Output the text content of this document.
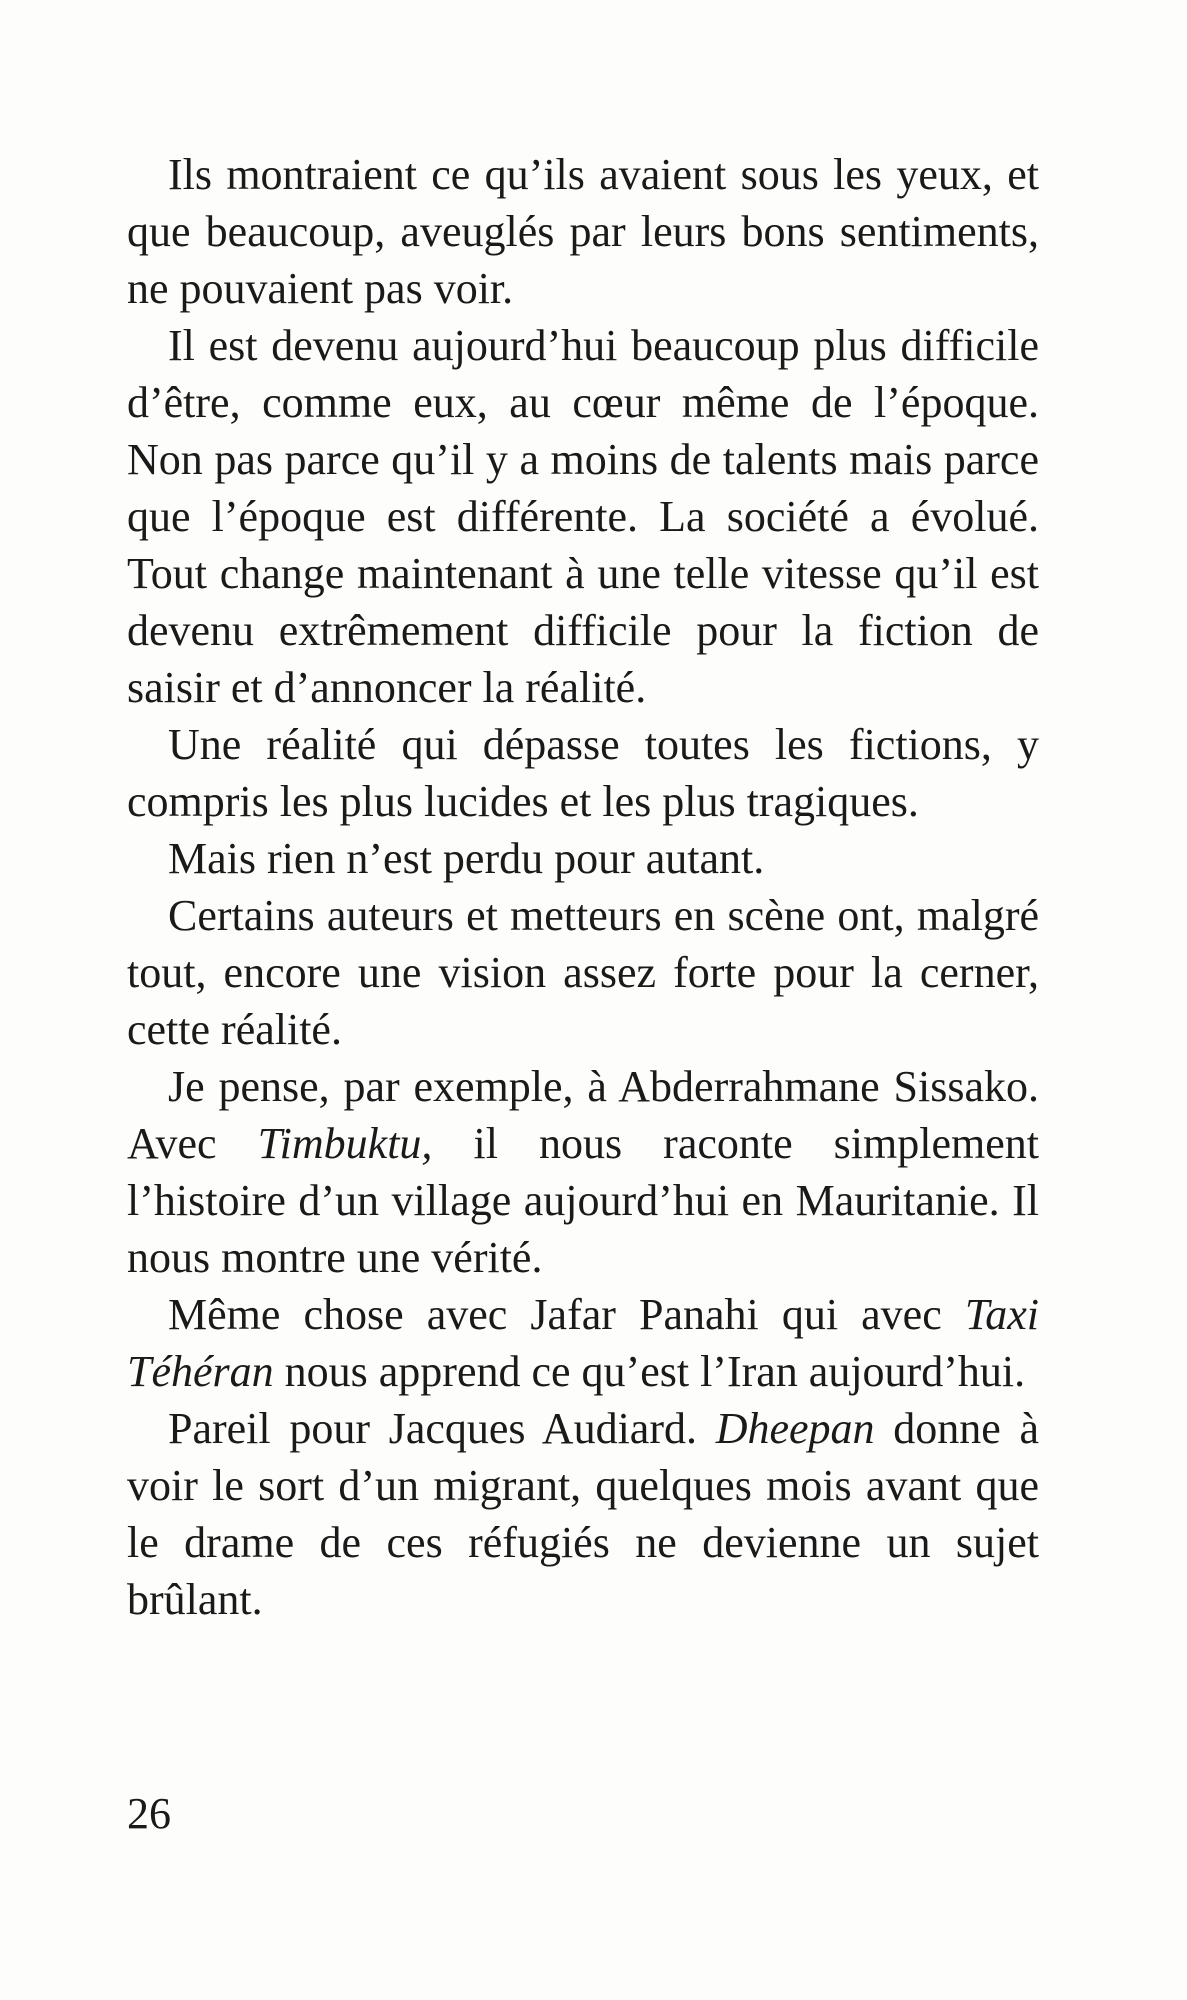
Ils montraient ce qu’ils avaient sous les yeux, et que beaucoup, aveuglés par leurs bons sentiments, ne pouvaient pas voir.

Il est devenu aujourd’hui beaucoup plus difficile d’être, comme eux, au cœur même de l’époque. Non pas parce qu’il y a moins de talents mais parce que l’époque est différente. La société a évolué. Tout change maintenant à une telle vitesse qu’il est devenu extrêmement difficile pour la fiction de saisir et d’annoncer la réalité.

Une réalité qui dépasse toutes les fictions, y compris les plus lucides et les plus tragiques.

Mais rien n’est perdu pour autant.

Certains auteurs et metteurs en scène ont, malgré tout, encore une vision assez forte pour la cerner, cette réalité.

Je pense, par exemple, à Abderrahmane Sissako. Avec Timbuktu, il nous raconte simplement l’histoire d’un village aujourd’hui en Mauritanie. Il nous montre une vérité.

Même chose avec Jafar Panahi qui avec Taxi Téhéran nous apprend ce qu’est l’Iran aujourd’hui.

Pareil pour Jacques Audiard. Dheepan donne à voir le sort d’un migrant, quelques mois avant que le drame de ces réfugiés ne devienne un sujet brûlant.

26
